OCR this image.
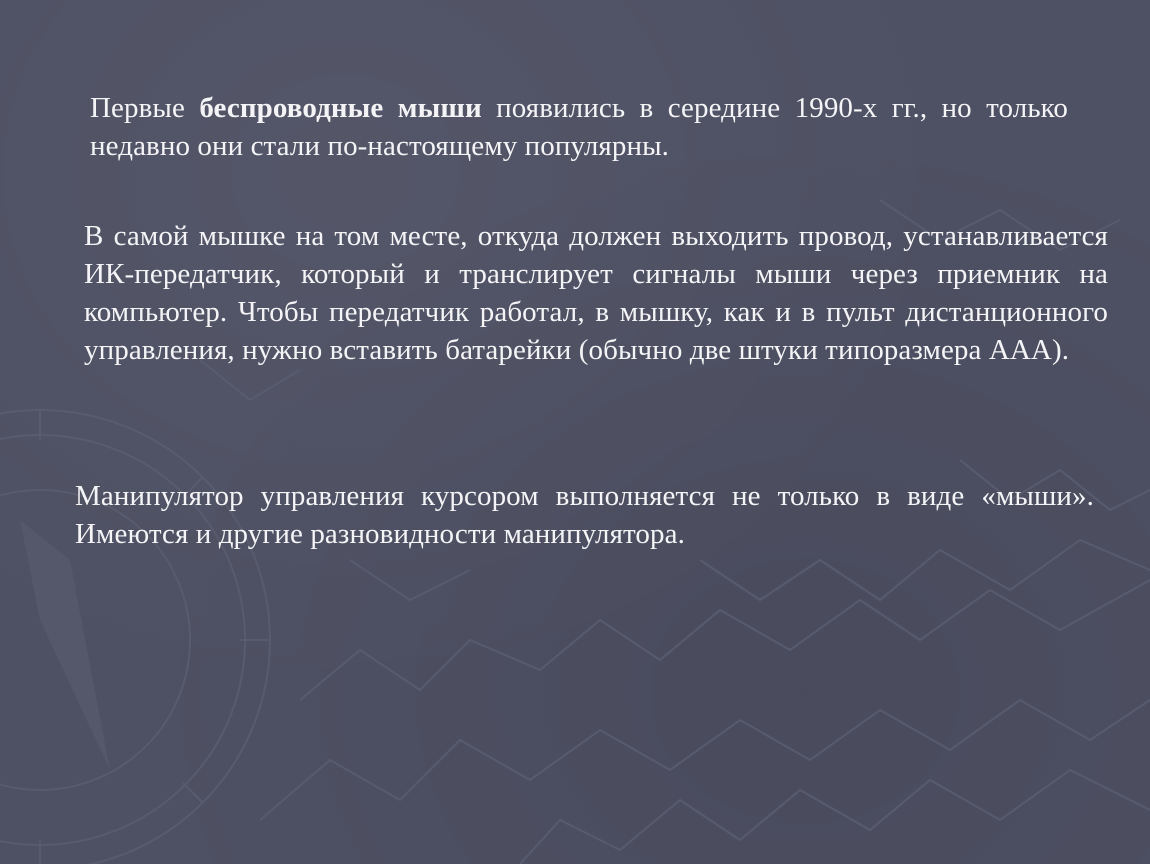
Первые беспроводные мыши появились в середине 1990-х гг., но только недавно они стали по-настоящему популярны.

В самой мышке на том месте, откуда должен выходить провод, устанавливается ИК-передатчик, который и транслирует сигналы мыши через приемник на компьютер. Чтобы передатчик работал, в мышку, как и в пульт дистанционного управления, нужно вставить батарейки (обычно две штуки типоразмера ААА).

Манипулятор управления курсором выполняется не только в виде «мыши». Имеются и другие разновидности манипулятора.
